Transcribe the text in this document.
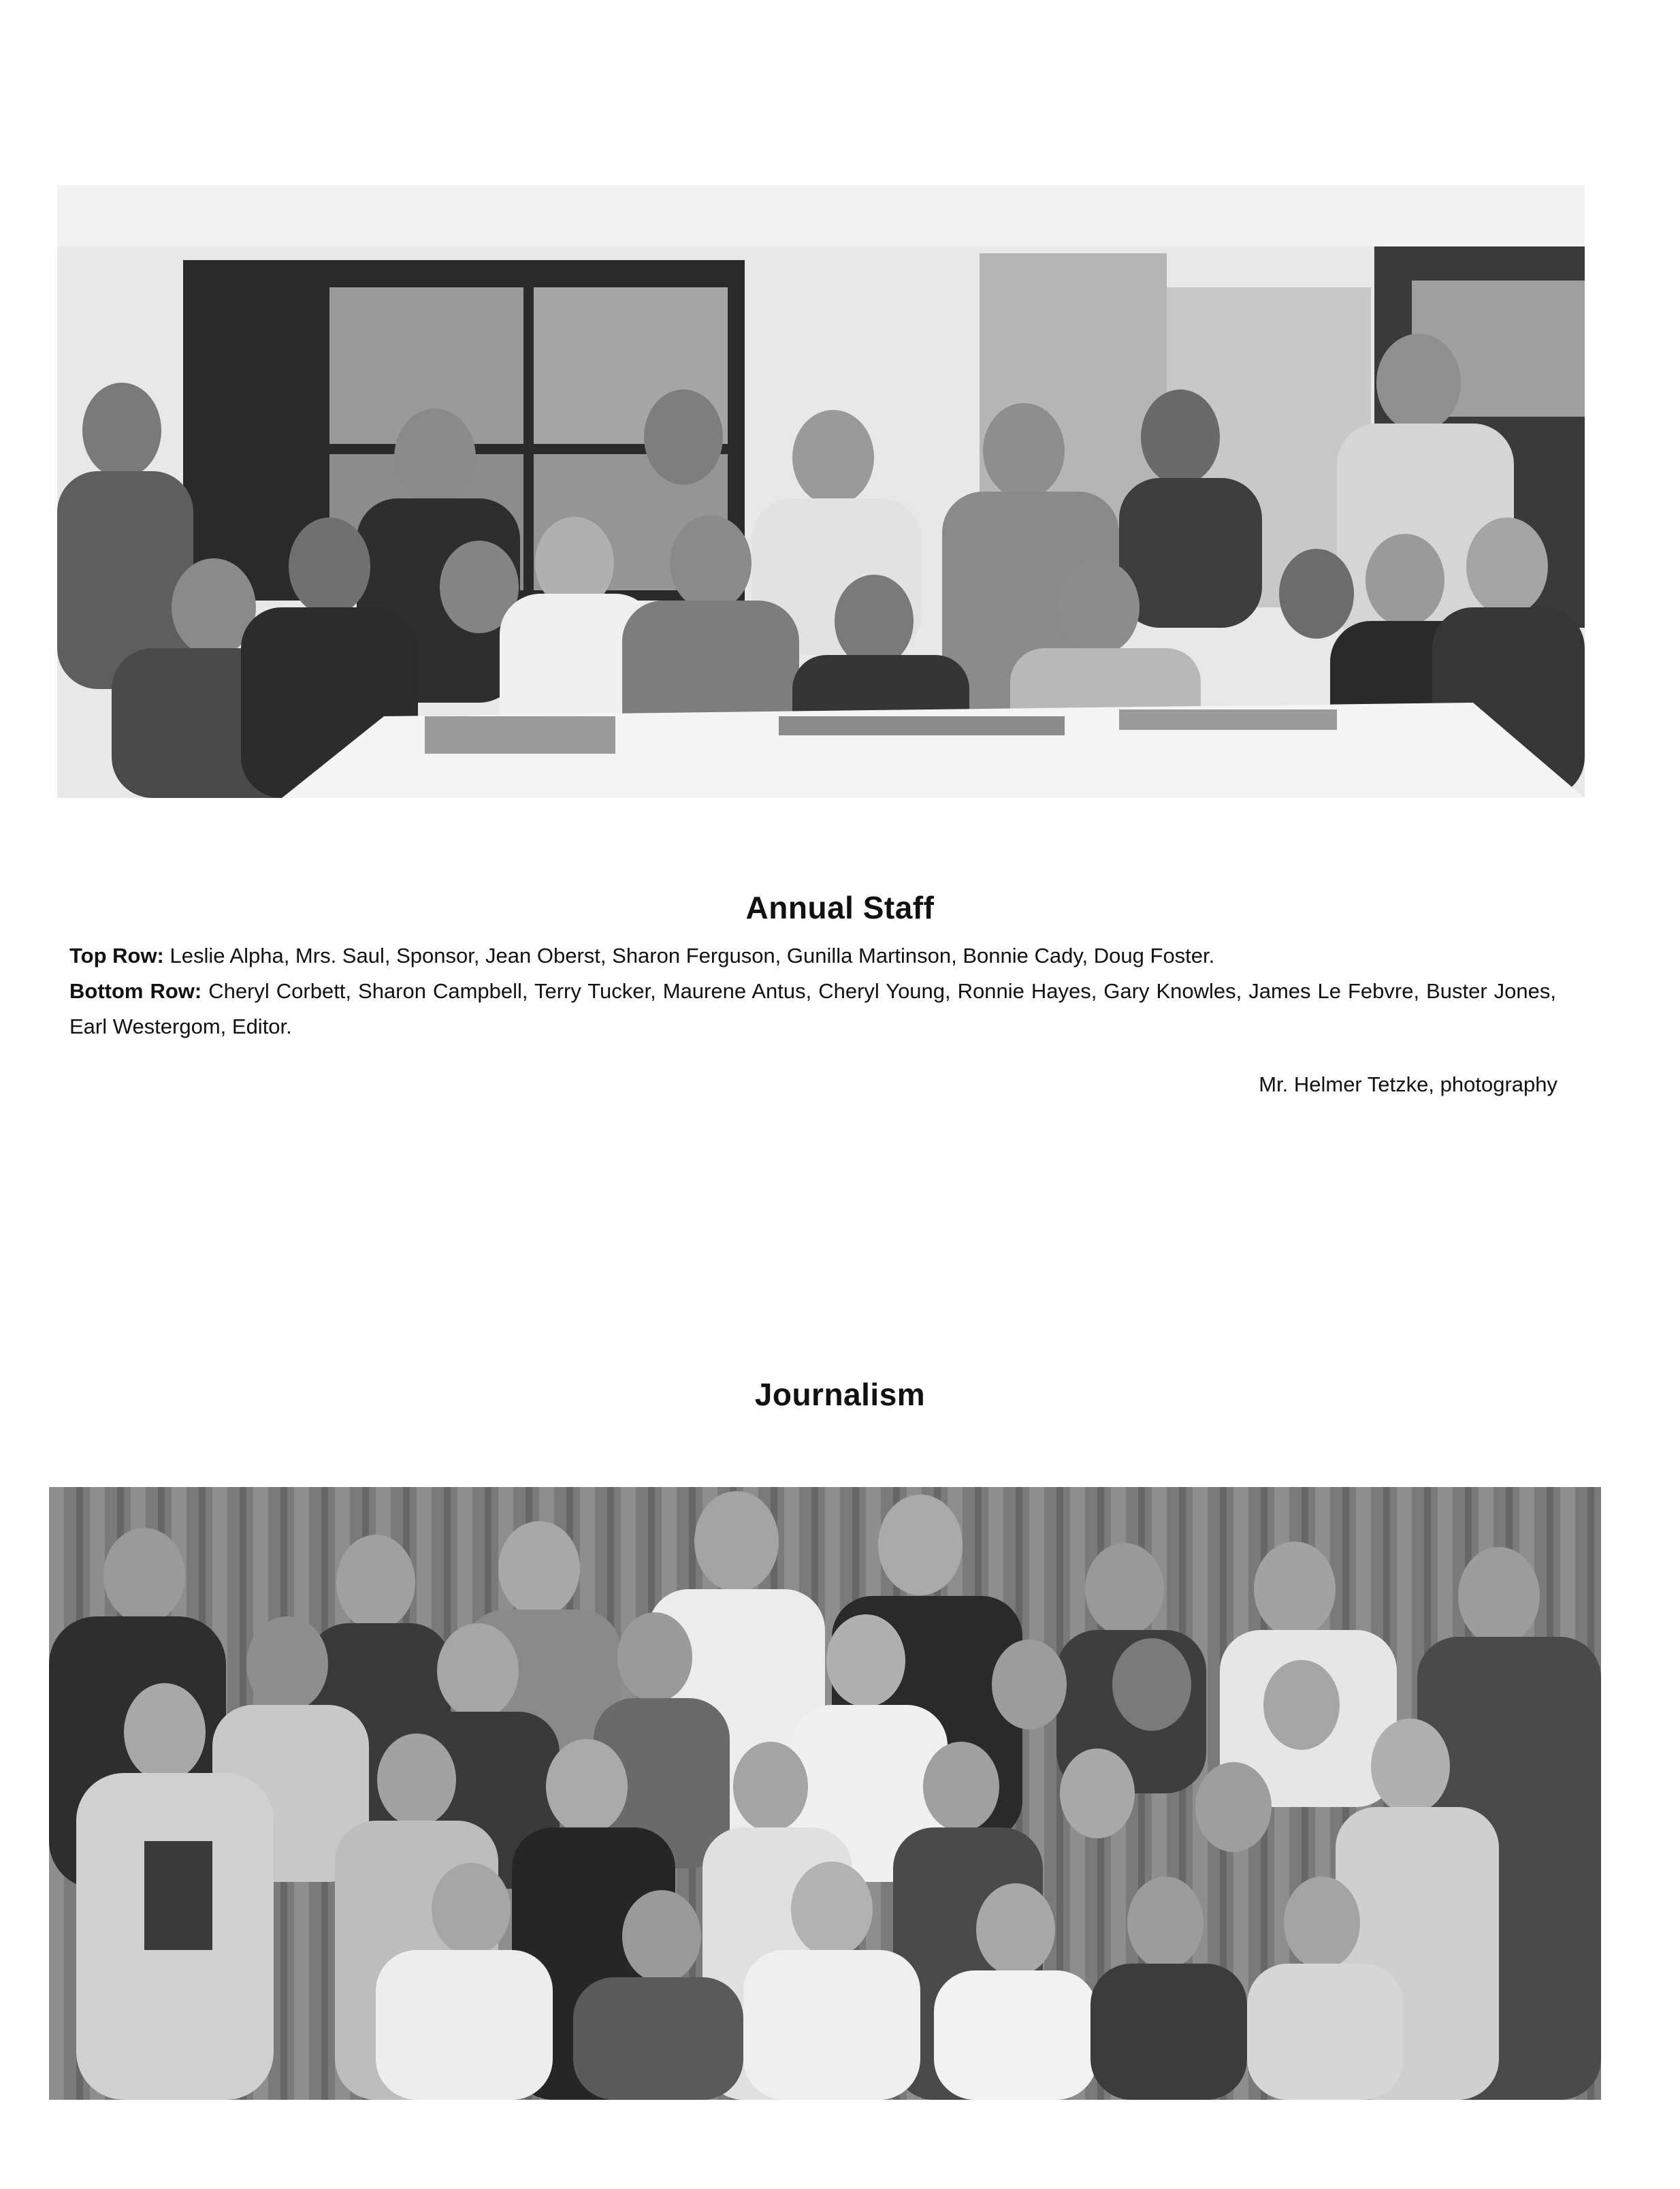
Annual Staff
Top Row: Leslie Alpha, Mrs. Saul, Sponsor, Jean Oberst, Sharon Ferguson, Gunilla Martinson, Bonnie Cady, Doug Foster.
Bottom Row: Cheryl Corbett, Sharon Campbell, Terry Tucker, Maurene Antus, Cheryl Young, Ronnie Hayes, Gary Knowles, James Le Febvre, Buster Jones, Earl Westergom, Editor.
Mr. Helmer Tetzke, photography
Journalism
